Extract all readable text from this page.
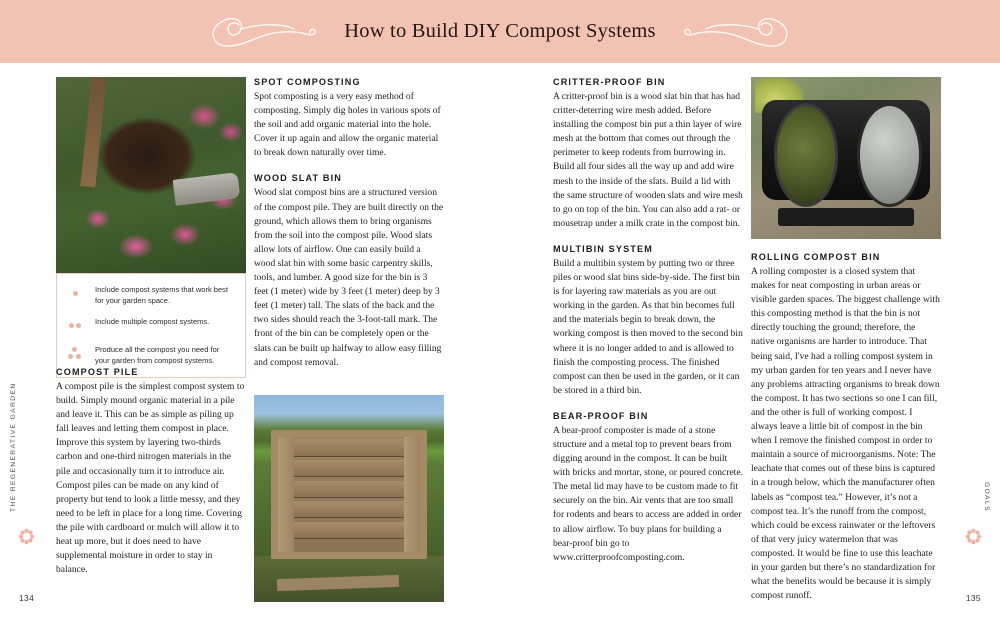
How to Build DIY Compost Systems
THE REGENERATIVE GARDEN
134
GOALS
135
Include compost systems that work best for your garden space.
Include multiple compost systems.
Produce all the compost you need for your garden from compost systems.
COMPOST PILE

A compost pile is the simplest compost system to build. Simply mound organic material in a pile and leave it. This can be as simple as piling up fall leaves and letting them compost in place. Improve this system by layering two-thirds carbon and one-third nitrogen materials in the pile and occasionally turn it to introduce air. Compost piles can be made on any kind of property but tend to look a little messy, and they need to be left in place for a long time. Covering the pile with cardboard or mulch will allow it to heat up more, but it does need to have supplemental moisture in order to stay in balance.

SPOT COMPOSTING

Spot composting is a very easy method of composting. Simply dig holes in various spots of the soil and add organic material into the hole. Cover it up again and allow the organic material to break down naturally over time.

WOOD SLAT BIN

Wood slat compost bins are a structured version of the compost pile. They are built directly on the ground, which allows them to bring organisms from the soil into the compost pile. Wood slats allow lots of airflow. One can easily build a wood slat bin with some basic carpentry skills, tools, and lumber. A good size for the bin is 3 feet (1 meter) wide by 3 feet (1 meter) deep by 3 feet (1 meter) tall. The slats of the back and the two sides should reach the 3-foot-tall mark. The front of the bin can be completely open or the slats can be built up halfway to allow easy filling and compost removal.

CRITTER-PROOF BIN

A critter-proof bin is a wood slat bin that has had critter-deterring wire mesh added. Before installing the compost bin put a thin layer of wire mesh at the bottom that comes out through the perimeter to keep rodents from burrowing in. Build all four sides all the way up and add wire mesh to the inside of the slats. Build a lid with the same structure of wooden slats and wire mesh to go on top of the bin. You can also add a rat- or mousetrap under a milk crate in the compost bin.

MULTIBIN SYSTEM

Build a multibin system by putting two or three piles or wood slat bins side-by-side. The first bin is for layering raw materials as you are out working in the garden. As that bin becomes full and the materials begin to break down, the working compost is then moved to the second bin where it is no longer added to and is allowed to finish the composting process. The finished compost can then be used in the garden, or it can be stored in a third bin.

BEAR-PROOF BIN

A bear-proof composter is made of a stone structure and a metal top to prevent bears from digging around in the compost. It can be built with bricks and mortar, stone, or poured concrete. The metal lid may have to be custom made to fit securely on the bin. Air vents that are too small for rodents and bears to access are added in order to allow airflow. To buy plans for building a bear-proof bin go to www.critterproofcomposting.com.

ROLLING COMPOST BIN

A rolling composter is a closed system that makes for neat composting in urban areas or visible garden spaces. The biggest challenge with this composting method is that the bin is not directly touching the ground; therefore, the native organisms are harder to introduce. That being said, I've had a rolling compost system in my urban garden for ten years and I never have any problems attracting organisms to break down the compost. It has two sections so one I can fill, and the other is full of working compost. I always leave a little bit of compost in the bin when I remove the finished compost in order to maintain a source of microorganisms. Note: The leachate that comes out of these bins is captured in a trough below, which the manufacturer often labels as “compost tea.” However, it’s not a compost tea. It’s the runoff from the compost, which could be excess rainwater or the leftovers of that very juicy watermelon that was composted. It would be fine to use this leachate in your garden but there’s no standardization for what the benefits would be because it is simply compost runoff.
